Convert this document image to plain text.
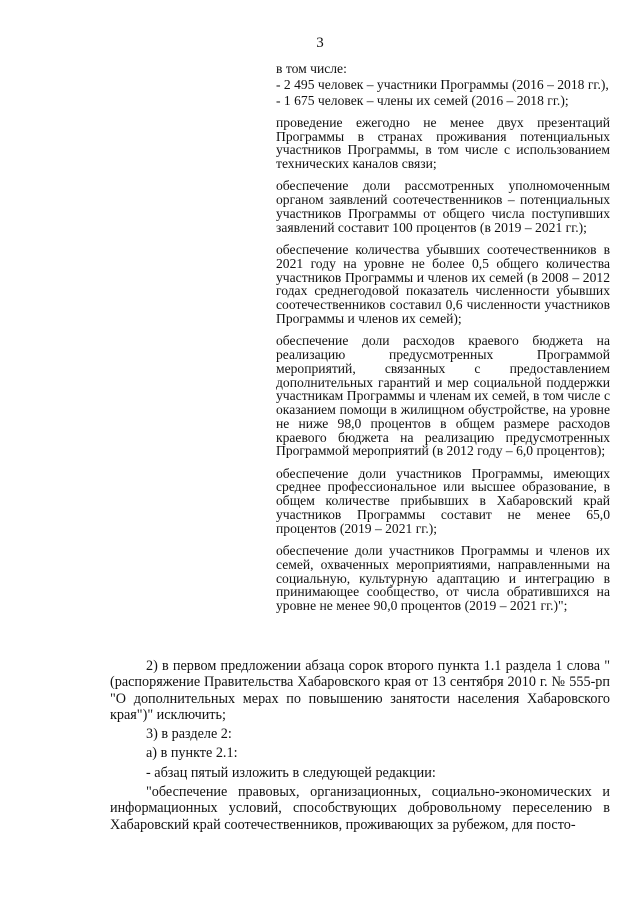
3

в том числе:

- 2 495 человек – участники Программы (2016 – 2018 гг.),

- 1 675 человек – члены их семей (2016 – 2018 гг.);

проведение ежегодно не менее двух презентаций Программы в странах проживания потенциальных участников Программы, в том числе с использованием технических каналов связи;

обеспечение доли рассмотренных уполномоченным органом заявлений соотечественников – потенциальных участников Программы от общего числа поступивших заявлений составит 100 процентов (в 2019 – 2021 гг.);

обеспечение количества убывших соотечественников в 2021 году на уровне не более 0,5 общего количества участников Программы и членов их семей (в 2008 – 2012 годах среднегодовой показатель численности убывших соотечественников составил 0,6 численности участников Программы и членов их семей);

обеспечение доли расходов краевого бюджета на реализацию предусмотренных Программой мероприятий, связанных с предоставлением дополнительных гарантий и мер социальной поддержки участникам Программы и членам их семей, в том числе с оказанием помощи в жилищном обустройстве, на уровне не ниже 98,0 процентов в общем размере расходов краевого бюджета на реализацию предусмотренных Программой мероприятий (в 2012 году – 6,0 процентов);

обеспечение доли участников Программы, имеющих среднее профессиональное или высшее образование, в общем количестве прибывших в Хабаровский край участников Программы составит не менее 65,0 процентов (2019 – 2021 гг.);

обеспечение доли участников Программы и членов их семей, охваченных мероприятиями, направленными на социальную, культурную адаптацию и интеграцию в принимающее сообщество, от числа обратившихся на уровне не менее 90,0 процентов (2019 – 2021 гг.)";

2) в первом предложении абзаца сорок второго пункта 1.1 раздела 1 слова "(распоряжение Правительства Хабаровского края от 13 сентября 2010 г. № 555-рп "О дополнительных мерах по повышению занятости населения Хабаровского края")" исключить;

3) в разделе 2:

а) в пункте 2.1:

- абзац пятый изложить в следующей редакции:

"обеспечение правовых, организационных, социально-экономических и информационных условий, способствующих добровольному переселению в Хабаровский край соотечественников, проживающих за рубежом, для посто-
